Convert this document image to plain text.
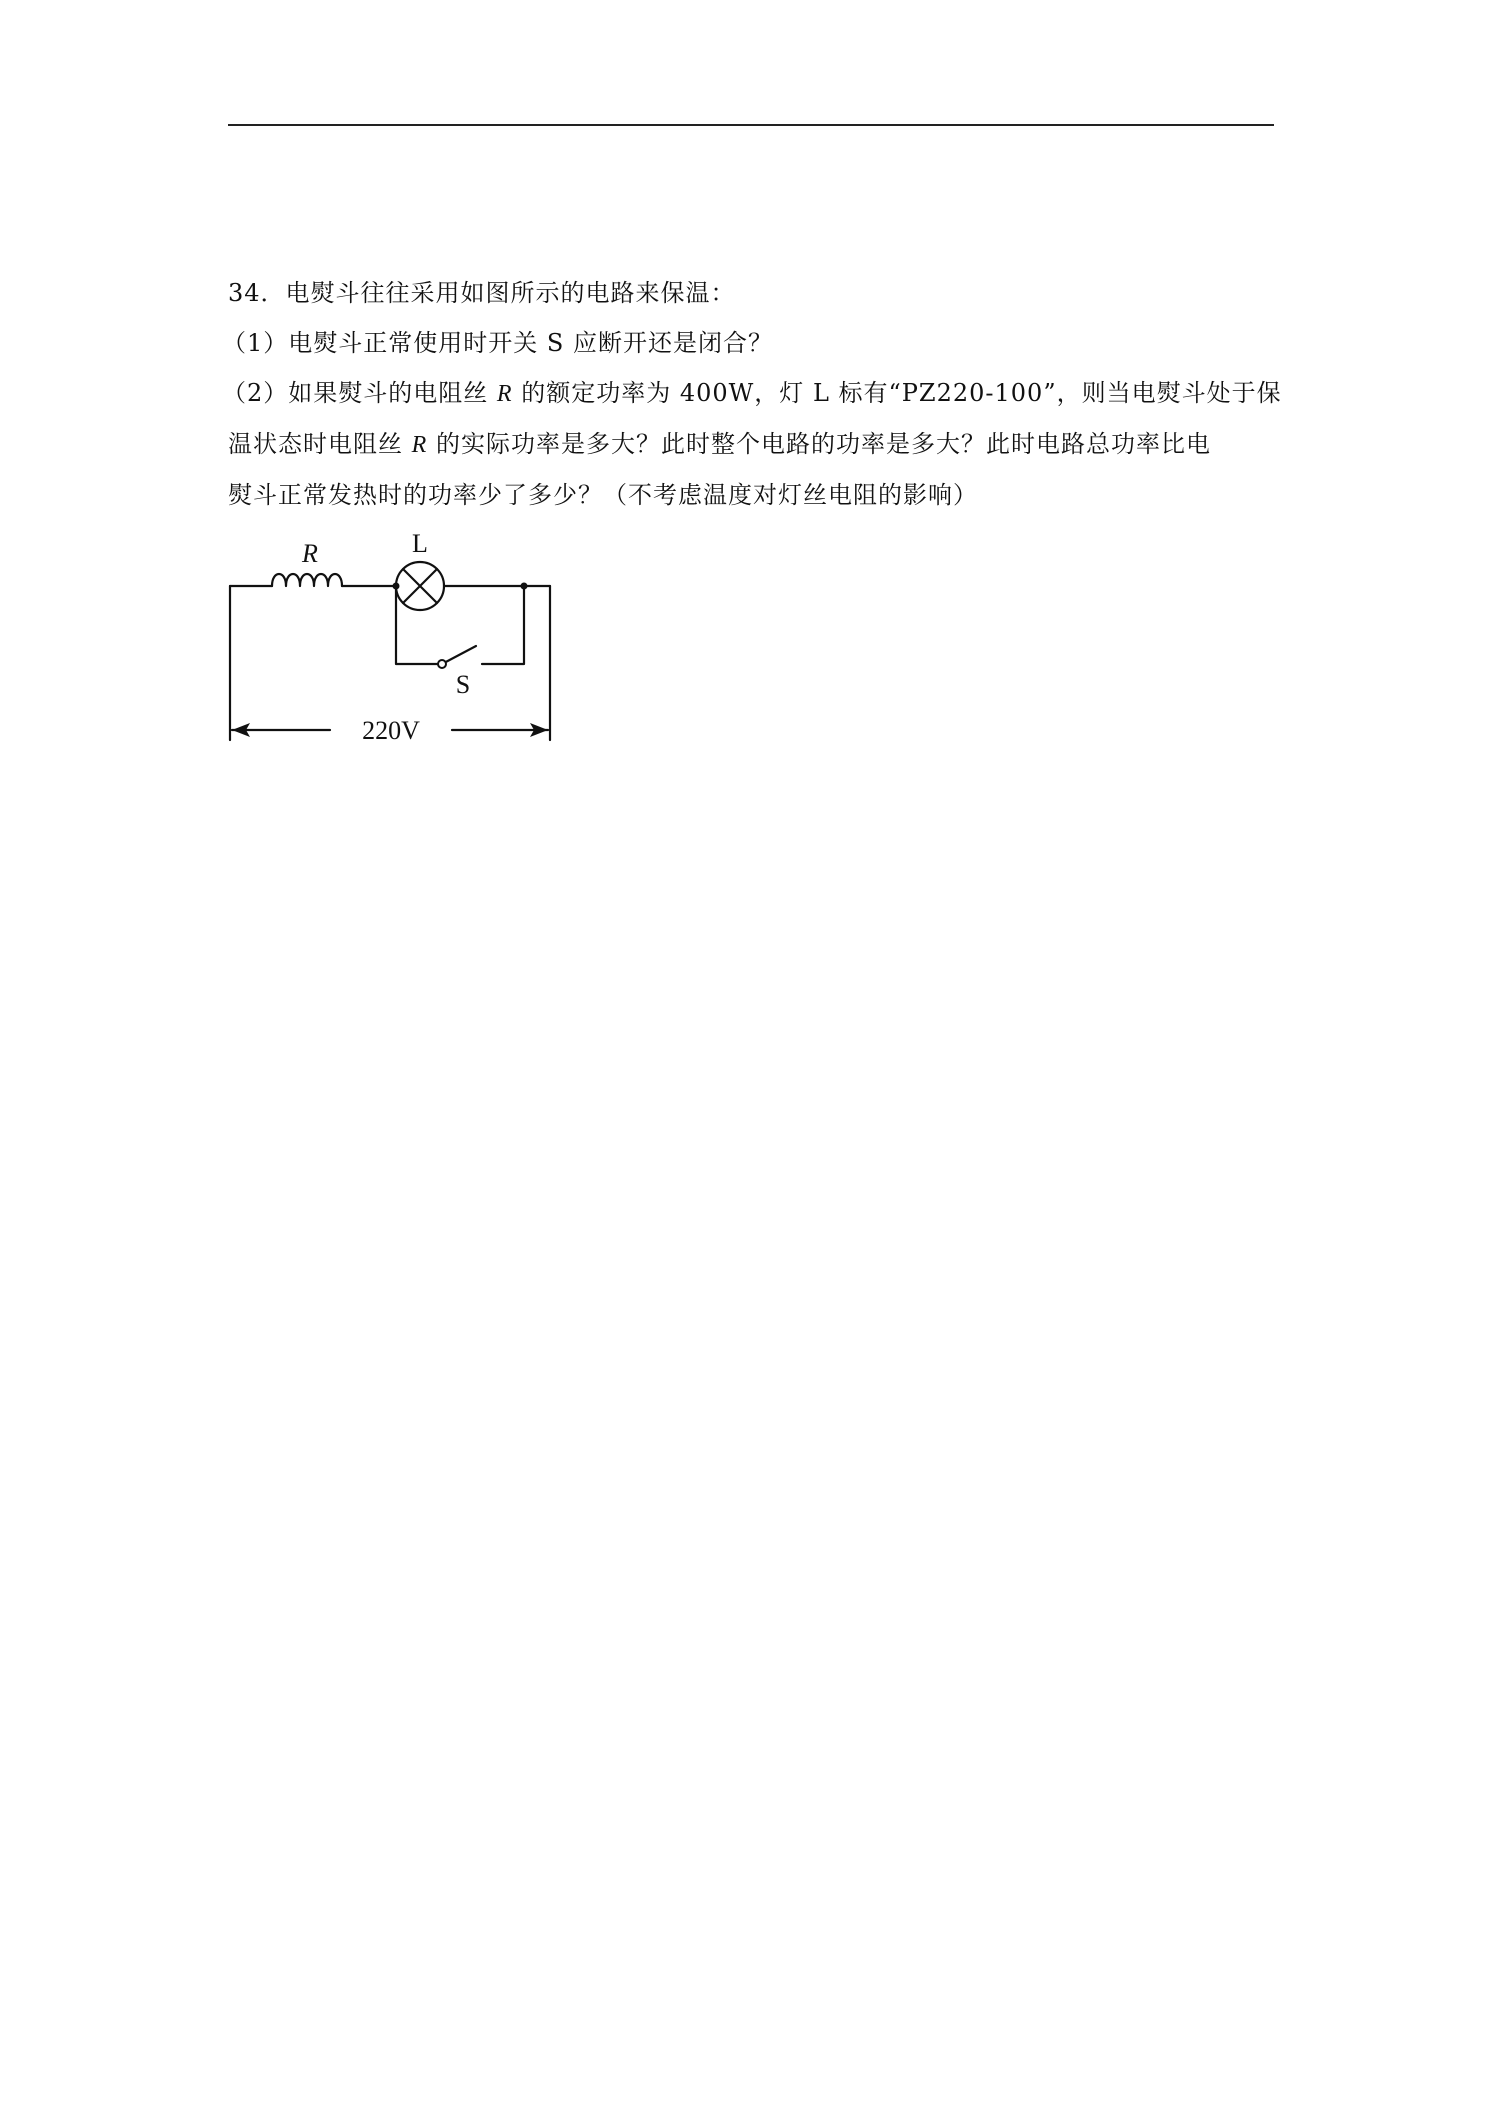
34．电熨斗往往采用如图所示的电路来保温：
（1）电熨斗正常使用时开关 S 应断开还是闭合？
（2）如果熨斗的电阻丝 R 的额定功率为 400W，灯 L 标有“PZ220-100”，则当电熨斗处于保
温状态时电阻丝 R 的实际功率是多大？此时整个电路的功率是多大？此时电路总功率比电
熨斗正常发热时的功率少了多少？（不考虑温度对灯丝电阻的影响）
R	L
S
220V
